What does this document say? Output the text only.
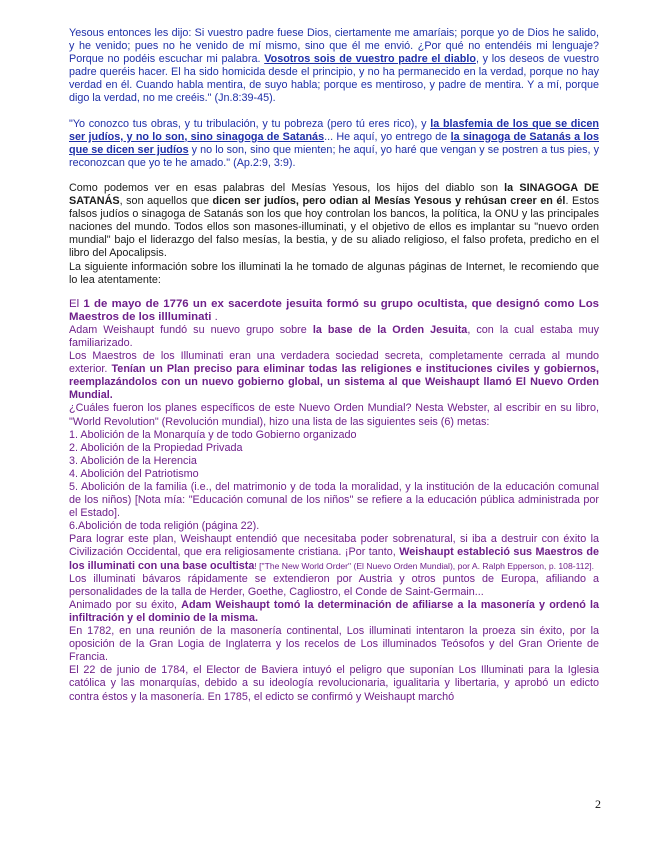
Yesous entonces les dijo: Si vuestro padre fuese Dios, ciertamente me amaríais; porque yo de Dios he salido, y he venido; pues no he venido de mí mismo, sino que él me envió. ¿Por qué no entendéis mi lenguaje? Porque no podéis escuchar mi palabra. Vosotros sois de vuestro padre el diablo, y los deseos de vuestro padre queréis hacer. El ha sido homicida desde el principio, y no ha permanecido en la verdad, porque no hay verdad en él. Cuando habla mentira, de suyo habla; porque es mentiroso, y padre de mentira. Y a mí, porque digo la verdad, no me creéis." (Jn.8:39-45).

"Yo conozco tus obras, y tu tribulación, y tu pobreza (pero tú eres rico), y la blasfemia de los que se dicen ser judíos, y no lo son, sino sinagoga de Satanás... He aquí, yo entrego de la sinagoga de Satanás a los que se dicen ser judíos y no lo son, sino que mienten; he aquí, yo haré que vengan y se postren a tus pies, y reconozcan que yo te he amado." (Ap.2:9, 3:9).

Como podemos ver en esas palabras del Mesías Yesous, los hijos del diablo son la SINAGOGA DE SATANÁS, son aquellos que dicen ser judíos, pero odian al Mesías Yesous y rehúsan creer en él. Estos falsos judíos o sinagoga de Satanás son los que hoy controlan los bancos, la política, la ONU y las principales naciones del mundo. Todos ellos son masones-illuminati, y el objetivo de ellos es implantar su "nuevo orden mundial" bajo el liderazgo del falso mesías, la bestia, y de su aliado religioso, el falso profeta, predicho en el libro del Apocalipsis.

La siguiente información sobre los illuminati la he tomado de algunas páginas de Internet, le recomiendo que lo lea atentamente:

El 1 de mayo de 1776 un ex sacerdote jesuita formó su grupo ocultista, que designó como Los Maestros de los illluminati .

Adam Weishaupt fundó su nuevo grupo sobre la base de la Orden Jesuita, con la cual estaba muy familiarizado.

Los Maestros de los Illuminati eran una verdadera sociedad secreta, completamente cerrada al mundo exterior. Tenían un Plan preciso para eliminar todas las religiones e instituciones civiles y gobiernos, reemplazándolos con un nuevo gobierno global, un sistema al que Weishaupt llamó El Nuevo Orden Mundial.

¿Cuáles fueron los planes específicos de este Nuevo Orden Mundial? Nesta Webster, al escribir en su libro, "World Revolution" (Revolución mundial), hizo una lista de las siguientes seis (6) metas:

1. Abolición de la Monarquía y de todo Gobierno organizado

2. Abolición de la Propiedad Privada

3. Abolición de la Herencia

4. Abolición del Patriotismo

5. Abolición de la familia (i.e., del matrimonio y de toda la moralidad, y la institución de la educación comunal de los niños) [Nota mía: "Educación comunal de los niños" se refiere a la educación pública administrada por el Estado].

6.Abolición de toda religión (página 22).

Para lograr este plan, Weishaupt entendió que necesitaba poder sobrenatural, si iba a destruir con éxito la Civilización Occidental, que era religiosamente cristiana. ¡Por tanto, Weishaupt estableció sus Maestros de los illuminati con una base ocultista! ["The New World Order" (El Nuevo Orden Mundial), por A. Ralph Epperson, p. 108-112].

Los illuminati bávaros rápidamente se extendieron por Austria y otros puntos de Europa, afiliando a personalidades de la talla de Herder, Goethe, Cagliostro, el Conde de Saint-Germain...

Animado por su éxito, Adam Weishaupt tomó la determinación de afiliarse a la masonería y ordenó la infiltración y el dominio de la misma.

En 1782, en una reunión de la masonería continental, Los illuminati intentaron la proeza sin éxito, por la oposición de la Gran Logia de Inglaterra y los recelos de Los illuminados Teósofos y del Gran Oriente de Francia.

El 22 de junio de 1784, el Elector de Baviera intuyó el peligro que suponían Los Illuminati para la Iglesia católica y las monarquías, debido a su ideología revolucionaria, igualitaria y libertaria, y aprobó un edicto contra éstos y la masonería. En 1785, el edicto se confirmó y Weishaupt marchó

2
